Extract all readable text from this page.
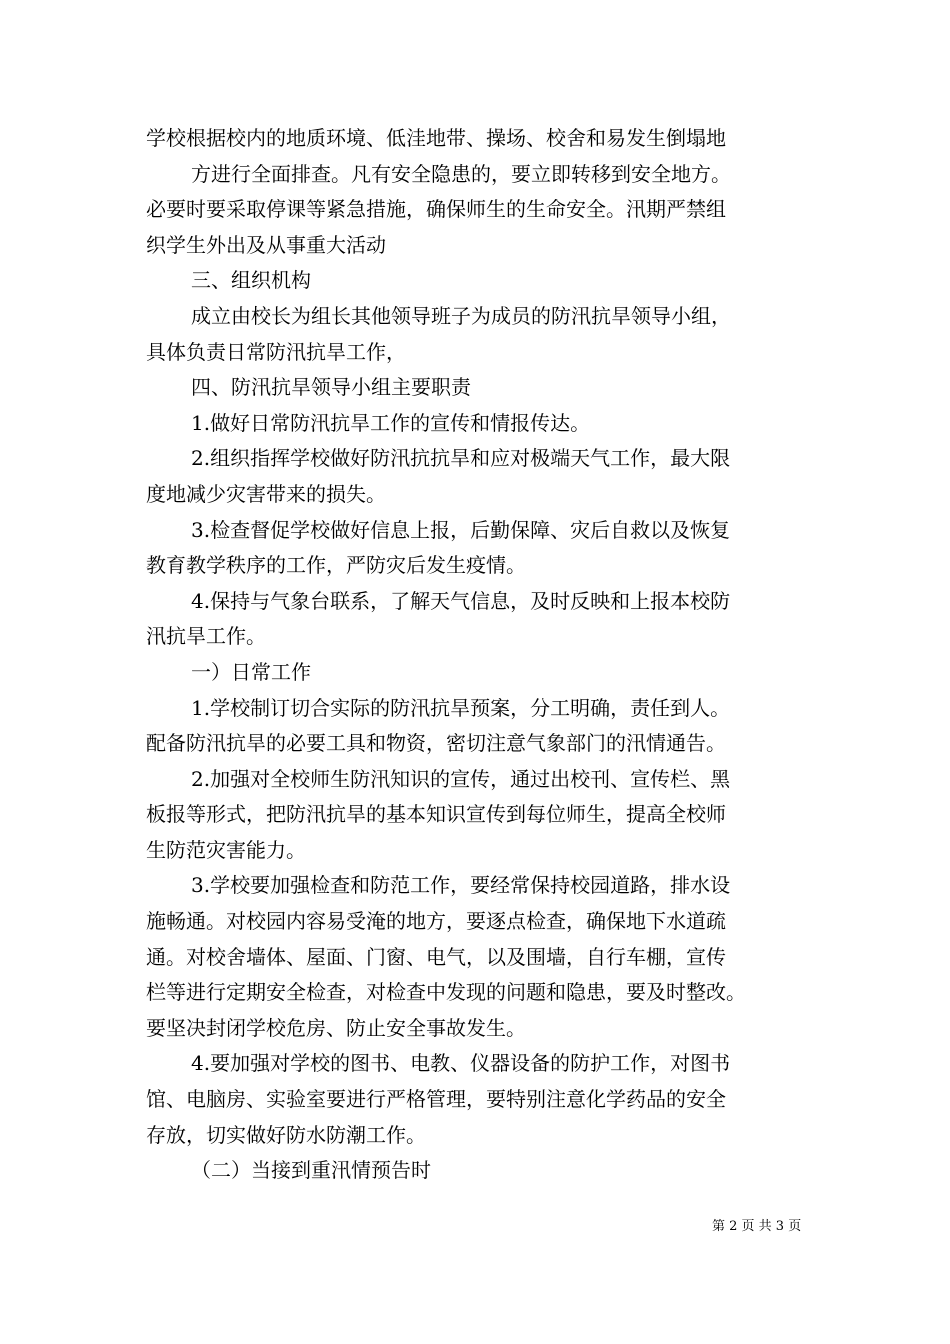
学校根据校内的地质环境、低洼地带、操场、校舍和易发生倒塌地
方进行全面排查。凡有安全隐患的，要立即转移到安全地方。
必要时要采取停课等紧急措施，确保师生的生命安全。汛期严禁组
织学生外出及从事重大活动
三、组织机构
成立由校长为组长其他领导班子为成员的防汛抗旱领导小组，
具体负责日常防汛抗旱工作，
四、防汛抗旱领导小组主要职责
1.做好日常防汛抗旱工作的宣传和情报传达。
2.组织指挥学校做好防汛抗抗旱和应对极端天气工作，最大限
度地减少灾害带来的损失。
3.检查督促学校做好信息上报，后勤保障、灾后自救以及恢复
教育教学秩序的工作，严防灾后发生疫情。
4.保持与气象台联系，了解天气信息，及时反映和上报本校防
汛抗旱工作。
一）日常工作
1.学校制订切合实际的防汛抗旱预案，分工明确，责任到人。
配备防汛抗旱的必要工具和物资，密切注意气象部门的汛情通告。
2.加强对全校师生防汛知识的宣传，通过出校刊、宣传栏、黑
板报等形式，把防汛抗旱的基本知识宣传到每位师生，提高全校师
生防范灾害能力。
3.学校要加强检查和防范工作，要经常保持校园道路，排水设
施畅通。对校园内容易受淹的地方，要逐点检查，确保地下水道疏
通。对校舍墙体、屋面、门窗、电气，以及围墙，自行车棚，宣传
栏等进行定期安全检查，对检查中发现的问题和隐患，要及时整改。
要坚决封闭学校危房、防止安全事故发生。
4.要加强对学校的图书、电教、仪器设备的防护工作，对图书
馆、电脑房、实验室要进行严格管理，要特别注意化学药品的安全
存放，切实做好防水防潮工作。
（二）当接到重汛情预告时
第 2 页 共 3 页
